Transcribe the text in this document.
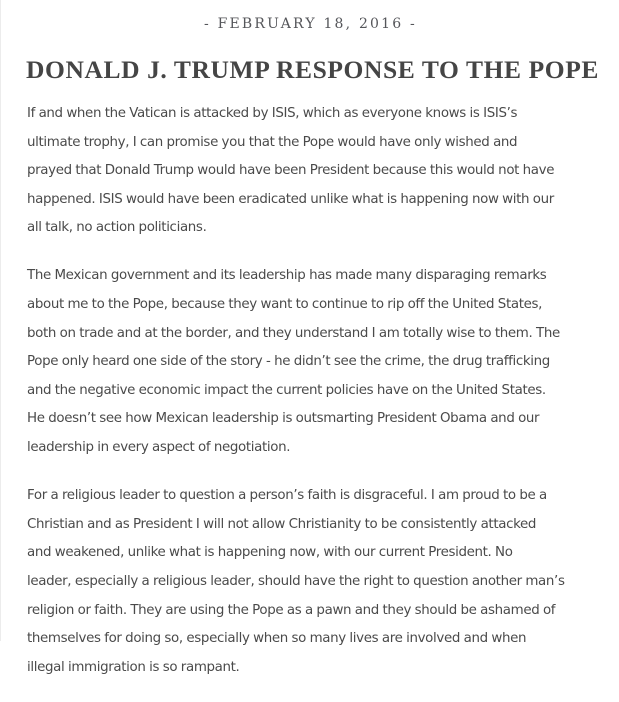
- FEBRUARY 18, 2016 -
DONALD J. TRUMP RESPONSE TO THE POPE

If and when the Vatican is attacked by ISIS, which as everyone knows is ISIS’s
ultimate trophy, I can promise you that the Pope would have only wished and
prayed that Donald Trump would have been President because this would not have
happened. ISIS would have been eradicated unlike what is happening now with our
all talk, no action politicians.

The Mexican government and its leadership has made many disparaging remarks
about me to the Pope, because they want to continue to rip off the United States,
both on trade and at the border, and they understand I am totally wise to them. The
Pope only heard one side of the story - he didn’t see the crime, the drug trafficking
and the negative economic impact the current policies have on the United States.
He doesn’t see how Mexican leadership is outsmarting President Obama and our
leadership in every aspect of negotiation.

For a religious leader to question a person’s faith is disgraceful. I am proud to be a
Christian and as President I will not allow Christianity to be consistently attacked
and weakened, unlike what is happening now, with our current President. No
leader, especially a religious leader, should have the right to question another man’s
religion or faith. They are using the Pope as a pawn and they should be ashamed of
themselves for doing so, especially when so many lives are involved and when
illegal immigration is so rampant.
